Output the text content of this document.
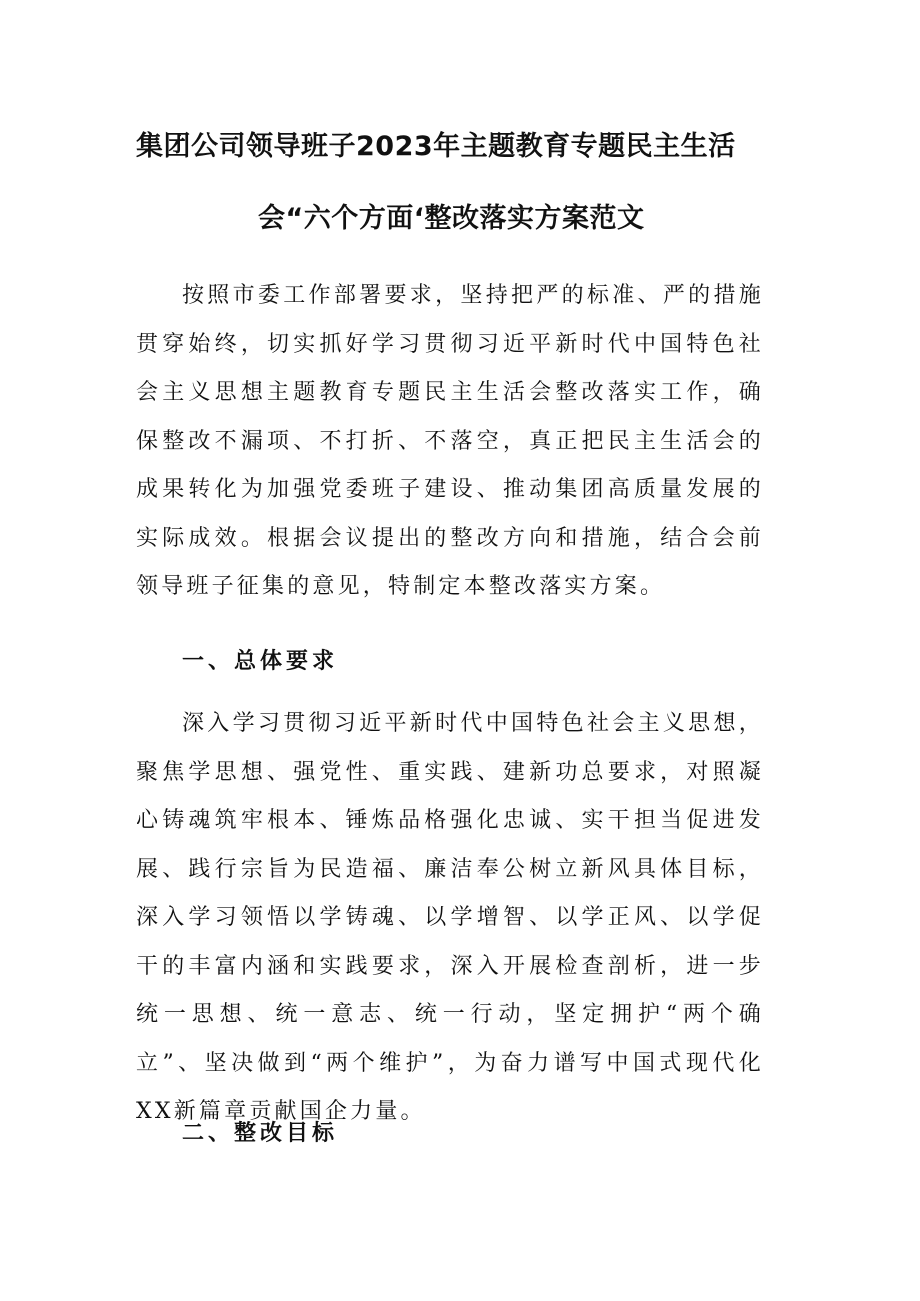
集团公司领导班子2023年主题教育专题民主生活
会“六个方面‘整改落实方案范文

按照市委工作部署要求，坚持把严的标准、严的措施贯穿始终，切实抓好学习贯彻习近平新时代中国特色社会主义思想主题教育专题民主生活会整改落实工作，确保整改不漏项、不打折、不落空，真正把民主生活会的成果转化为加强党委班子建设、推动集团高质量发展的实际成效。根据会议提出的整改方向和措施，结合会前领导班子征集的意见，特制定本整改落实方案。

一、总体要求

深入学习贯彻习近平新时代中国特色社会主义思想，聚焦学思想、强党性、重实践、建新功总要求，对照凝心铸魂筑牢根本、锤炼品格强化忠诚、实干担当促进发展、践行宗旨为民造福、廉洁奉公树立新风具体目标，深入学习领悟以学铸魂、以学增智、以学正风、以学促干的丰富内涵和实践要求，深入开展检查剖析，进一步统一思想、统一意志、统一行动，坚定拥护“两个确立”、坚决做到“两个维护”，为奋力谱写中国式现代化XX新篇章贡献国企力量。

二、整改目标
